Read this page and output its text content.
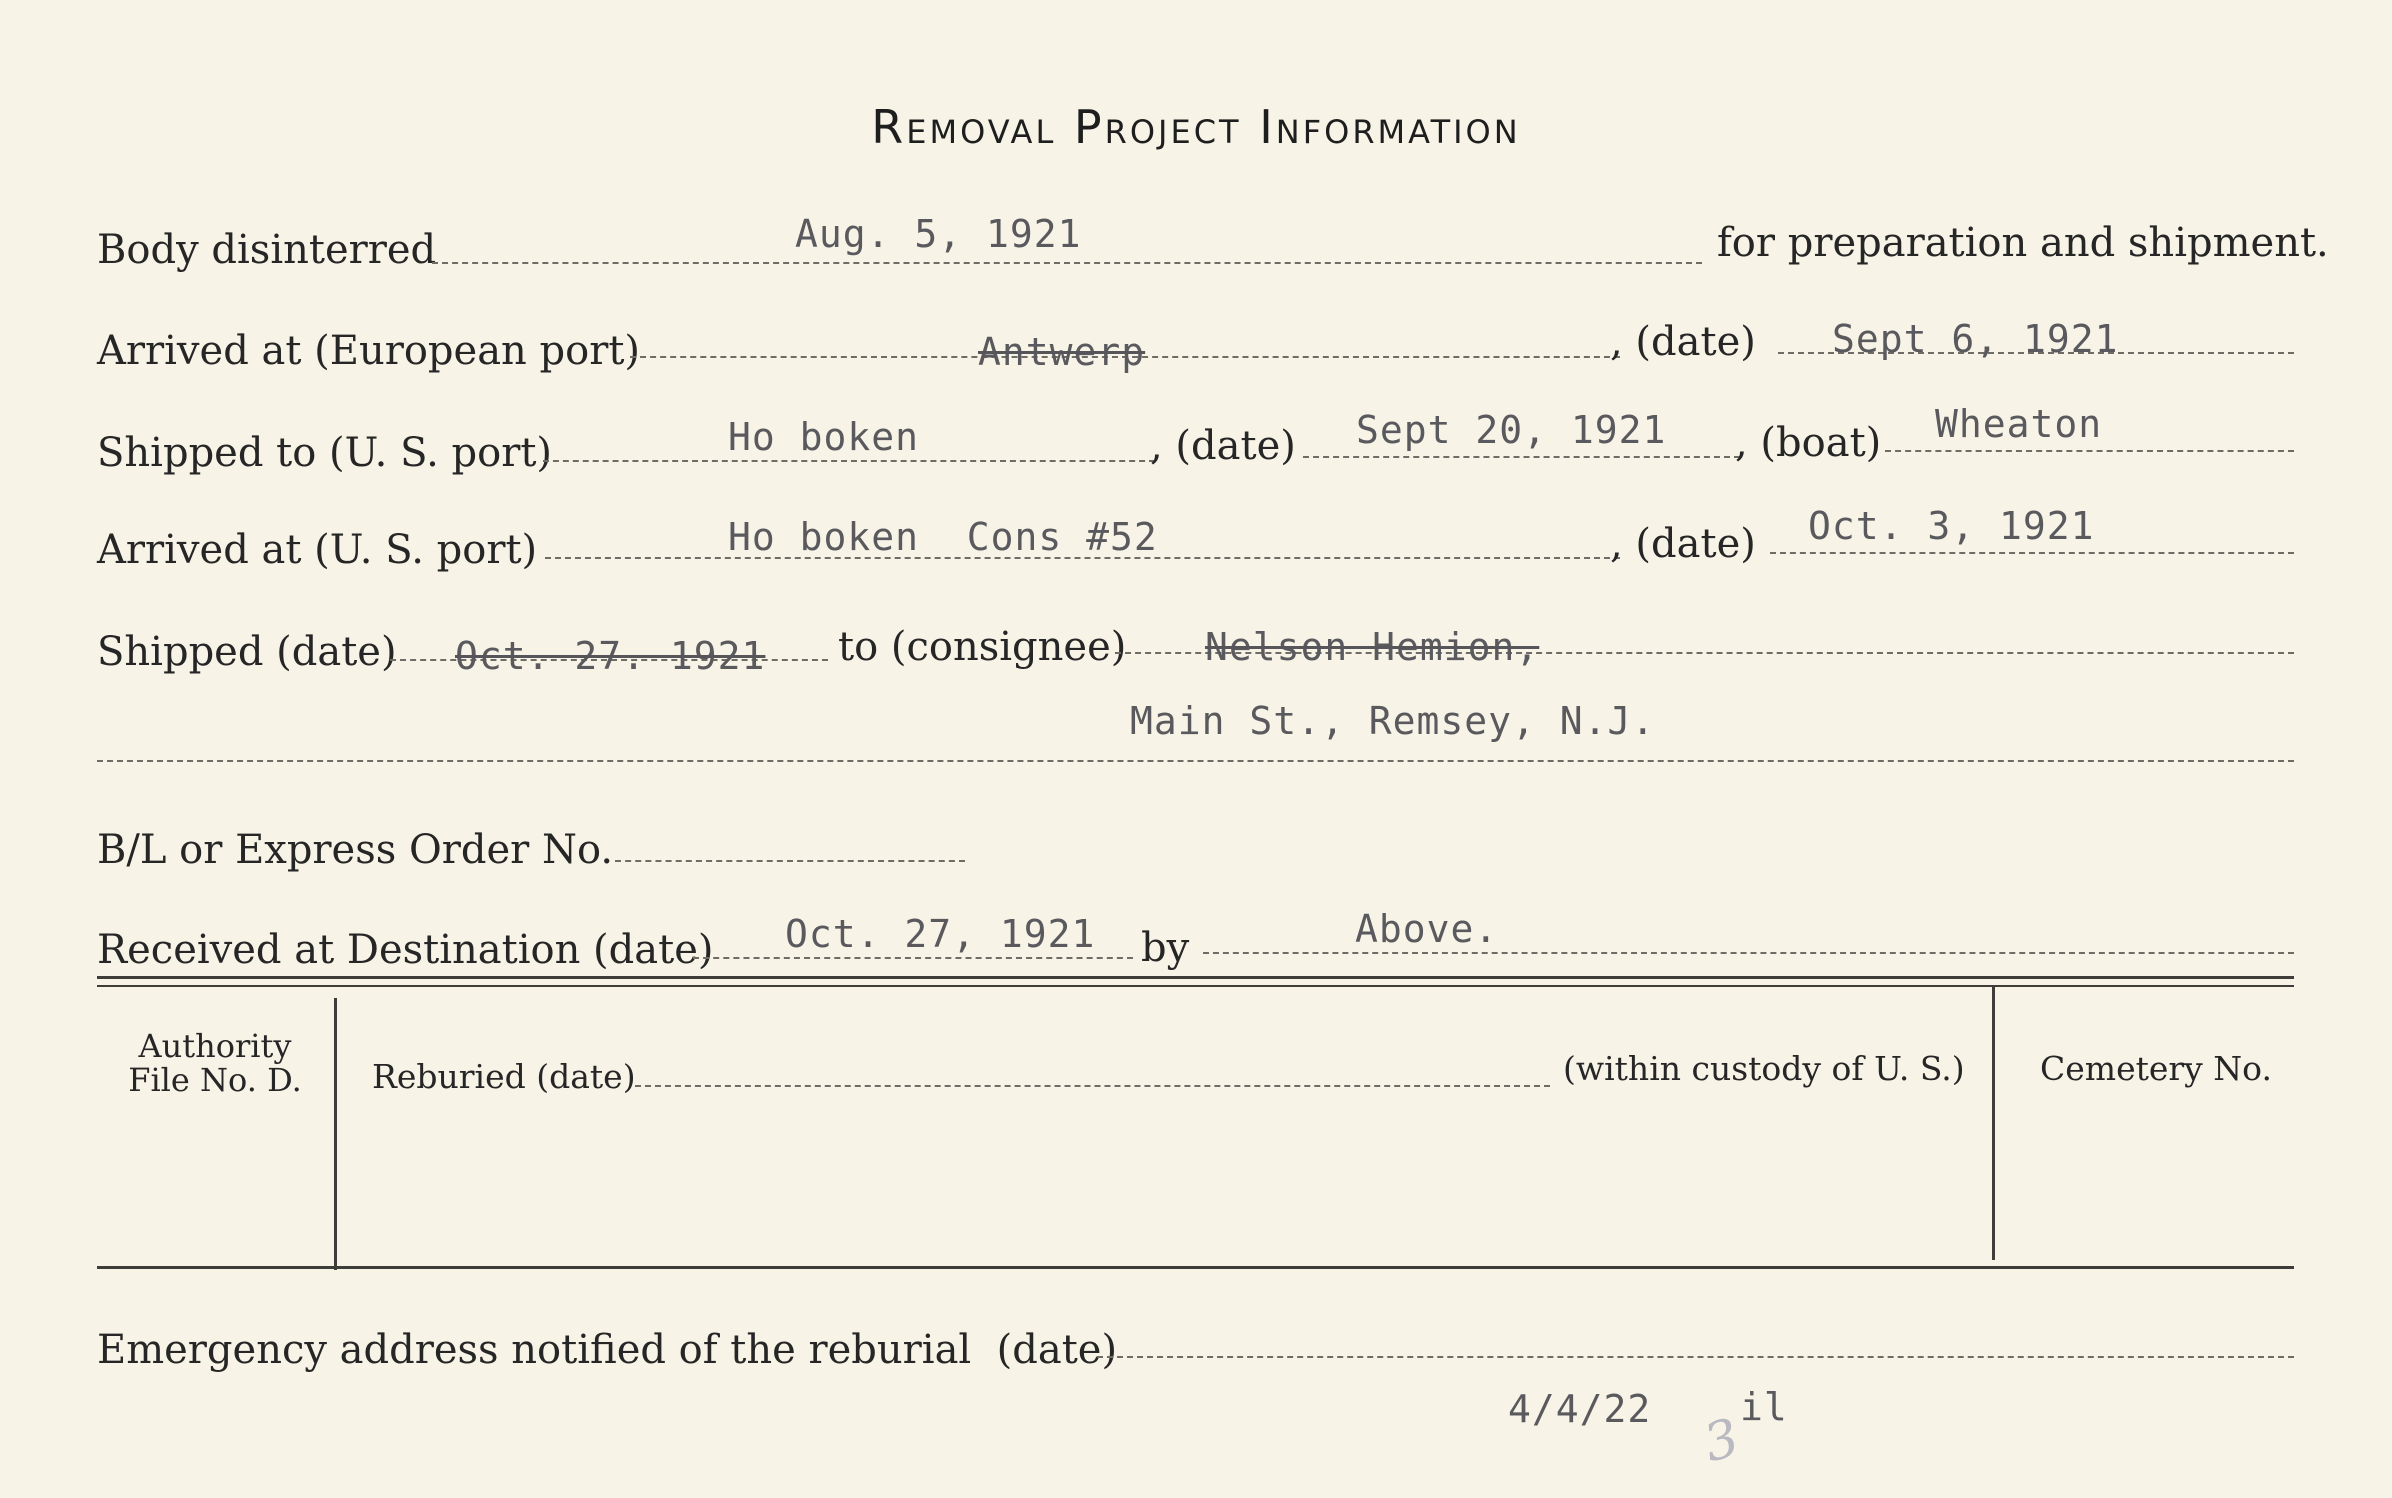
Removal Project Information
Body disinterred	Aug. 5, 1921	for preparation and shipment.
Arrived at (European port)	Antwerp	, (date) Sept 6, 1921
Shipped to (U. S. port)	Ho boken	, (date) Sept 20, 1921 , (boat) Wheaton
Arrived at (U. S. port)	Ho boken  Cons #52	, (date) Oct. 3, 1921
Shipped (date) Oct. 27. 1921 to (consignee) Nelson Hemion,
Main St., Remsey, N.J.
B/L or Express Order No.
Received at Destination (date) Oct. 27, 1921 by	Above.
Authority
File No. D.	Reburied (date)	(within custody of U. S.) Cemetery No.
Emergency address notified of the reburial  (date)
4/4/22 il
3
